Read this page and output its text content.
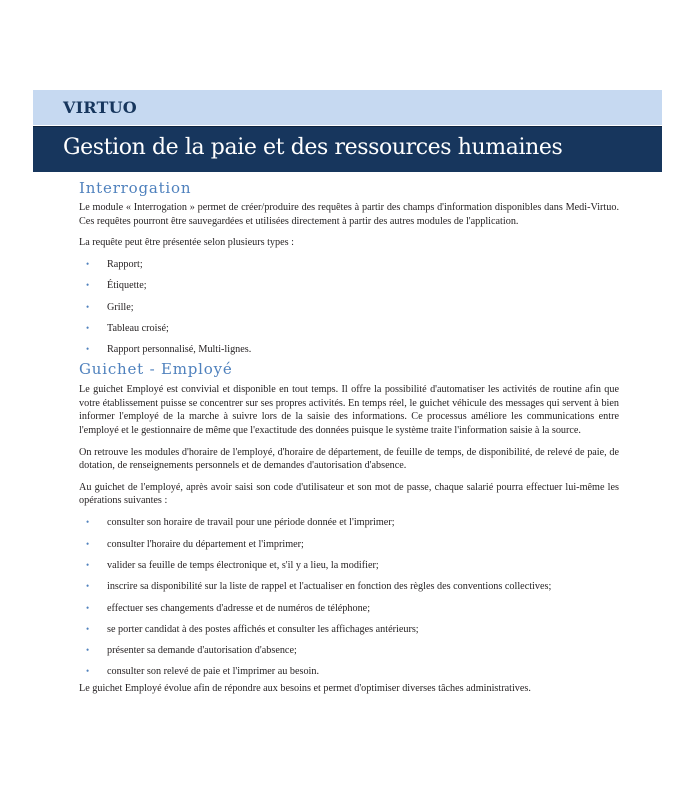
VIRTUO
Gestion de la paie et des ressources humaines
Interrogation

Le module « Interrogation » permet de créer/produire des requêtes à partir des champs d'information disponibles dans Medi-Virtuo. Ces requêtes pourront être sauvegardées et utilisées directement à partir des autres modules de l'application.

La requête peut être présentée selon plusieurs types :

• Rapport;
• Étiquette;
• Grille;
• Tableau croisé;
• Rapport personnalisé, Multi-lignes.
Guichet - Employé

Le guichet Employé est convivial et disponible en tout temps. Il offre la possibilité d'automatiser les activités de routine afin que votre établissement puisse se concentrer sur ses propres activités. En temps réel, le guichet véhicule des messages qui servent à bien informer l'employé de la marche à suivre lors de la saisie des informations. Ce processus améliore les communications entre l'employé et le gestionnaire de même que l'exactitude des données puisque le système traite l'information saisie à la source.

On retrouve les modules d'horaire de l'employé, d'horaire de département, de feuille de temps, de disponibilité, de relevé de paie, de dotation, de renseignements personnels et de demandes d'autorisation d'absence.

Au guichet de l'employé, après avoir saisi son code d'utilisateur et son mot de passe, chaque salarié pourra effectuer lui-même les opérations suivantes :

• consulter son horaire de travail pour une période donnée et l'imprimer;
• consulter l'horaire du département et l'imprimer;
• valider sa feuille de temps électronique et, s'il y a lieu, la modifier;
• inscrire sa disponibilité sur la liste de rappel et l'actualiser en fonction des règles des conventions collectives;
• effectuer ses changements d'adresse et de numéros de téléphone;
• se porter candidat à des postes affichés et consulter les affichages antérieurs;
• présenter sa demande d'autorisation d'absence;
• consulter son relevé de paie et l'imprimer au besoin.

Le guichet Employé évolue afin de répondre aux besoins et permet d'optimiser diverses tâches administratives.
